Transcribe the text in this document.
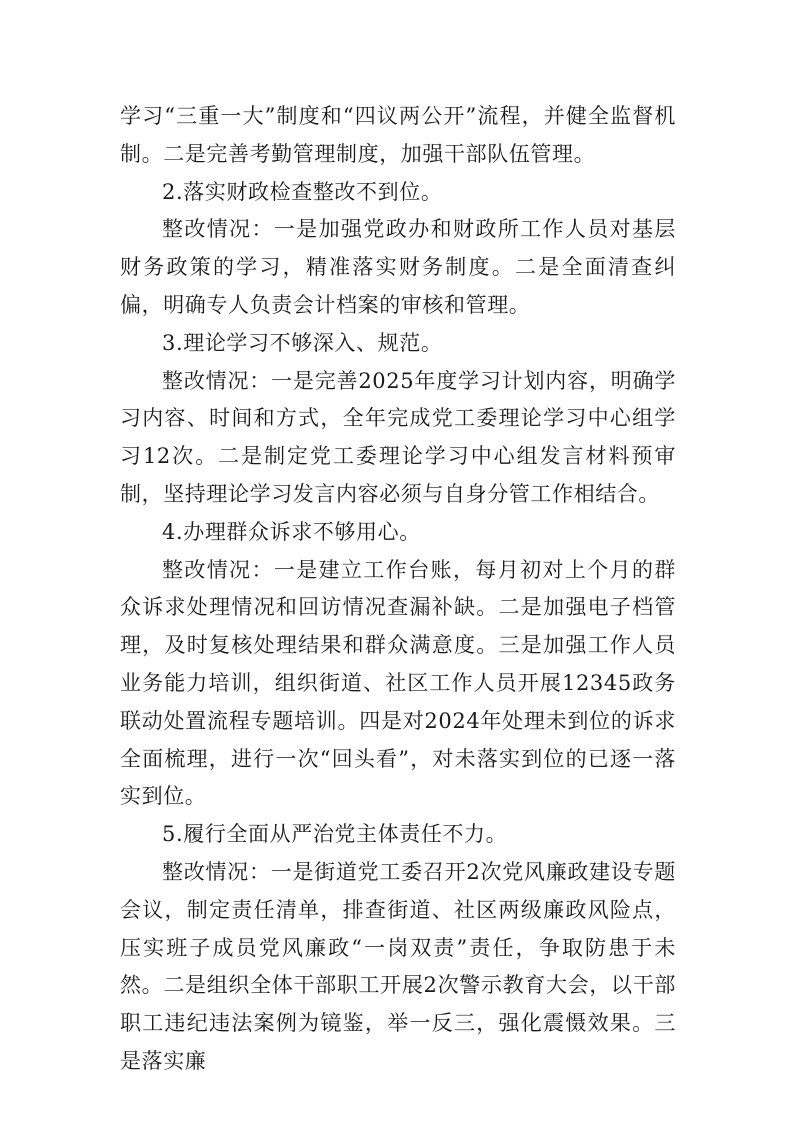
学习“三重一大”制度和“四议两公开”流程，并健全监督机制。二是完善考勤管理制度，加强干部队伍管理。

2.落实财政检查整改不到位。

整改情况：一是加强党政办和财政所工作人员对基层财务政策的学习，精准落实财务制度。二是全面清查纠偏，明确专人负责会计档案的审核和管理。

3.理论学习不够深入、规范。

整改情况：一是完善2025年度学习计划内容，明确学习内容、时间和方式，全年完成党工委理论学习中心组学习12次。二是制定党工委理论学习中心组发言材料预审制，坚持理论学习发言内容必须与自身分管工作相结合。

4.办理群众诉求不够用心。

整改情况：一是建立工作台账，每月初对上个月的群众诉求处理情况和回访情况查漏补缺。二是加强电子档管理，及时复核处理结果和群众满意度。三是加强工作人员业务能力培训，组织街道、社区工作人员开展12345政务联动处置流程专题培训。四是对2024年处理未到位的诉求全面梳理，进行一次“回头看”，对未落实到位的已逐一落实到位。

5.履行全面从严治党主体责任不力。

整改情况：一是街道党工委召开2次党风廉政建设专题会议，制定责任清单，排查街道、社区两级廉政风险点，压实班子成员党风廉政“一岗双责”责任，争取防患于未然。二是组织全体干部职工开展2次警示教育大会，以干部职工违纪违法案例为镜鉴，举一反三，强化震慑效果。三是落实廉
